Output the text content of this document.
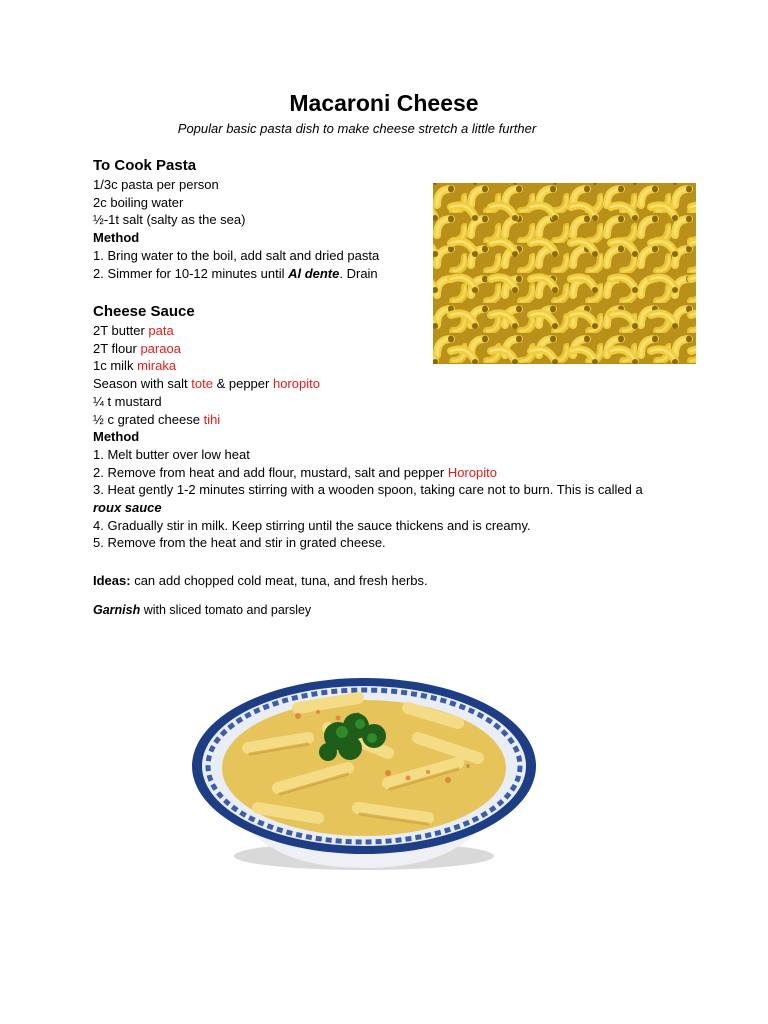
Macaroni Cheese
Popular basic pasta dish to make cheese stretch a little further
To Cook Pasta
1/3c pasta per person
2c boiling water
½-1t salt (salty as the sea)
Method
1. Bring water to the boil, add salt and dried pasta
2. Simmer for 10-12 minutes until Al dente. Drain
Cheese Sauce
2T butter pata
2T flour paraoa
1c milk miraka
Season with salt tote & pepper horopito
¼ t mustard
½ c grated cheese tihi
Method
1. Melt butter over low heat
2. Remove from heat and add flour, mustard, salt and pepper Horopito
3. Heat gently 1-2 minutes stirring with a wooden spoon, taking care not to burn. This is called a roux sauce
4. Gradually stir in milk. Keep stirring until the sauce thickens and is creamy.
5. Remove from the heat and stir in grated cheese.
Ideas: can add chopped cold meat, tuna, and fresh herbs.
Garnish with sliced tomato and parsley
